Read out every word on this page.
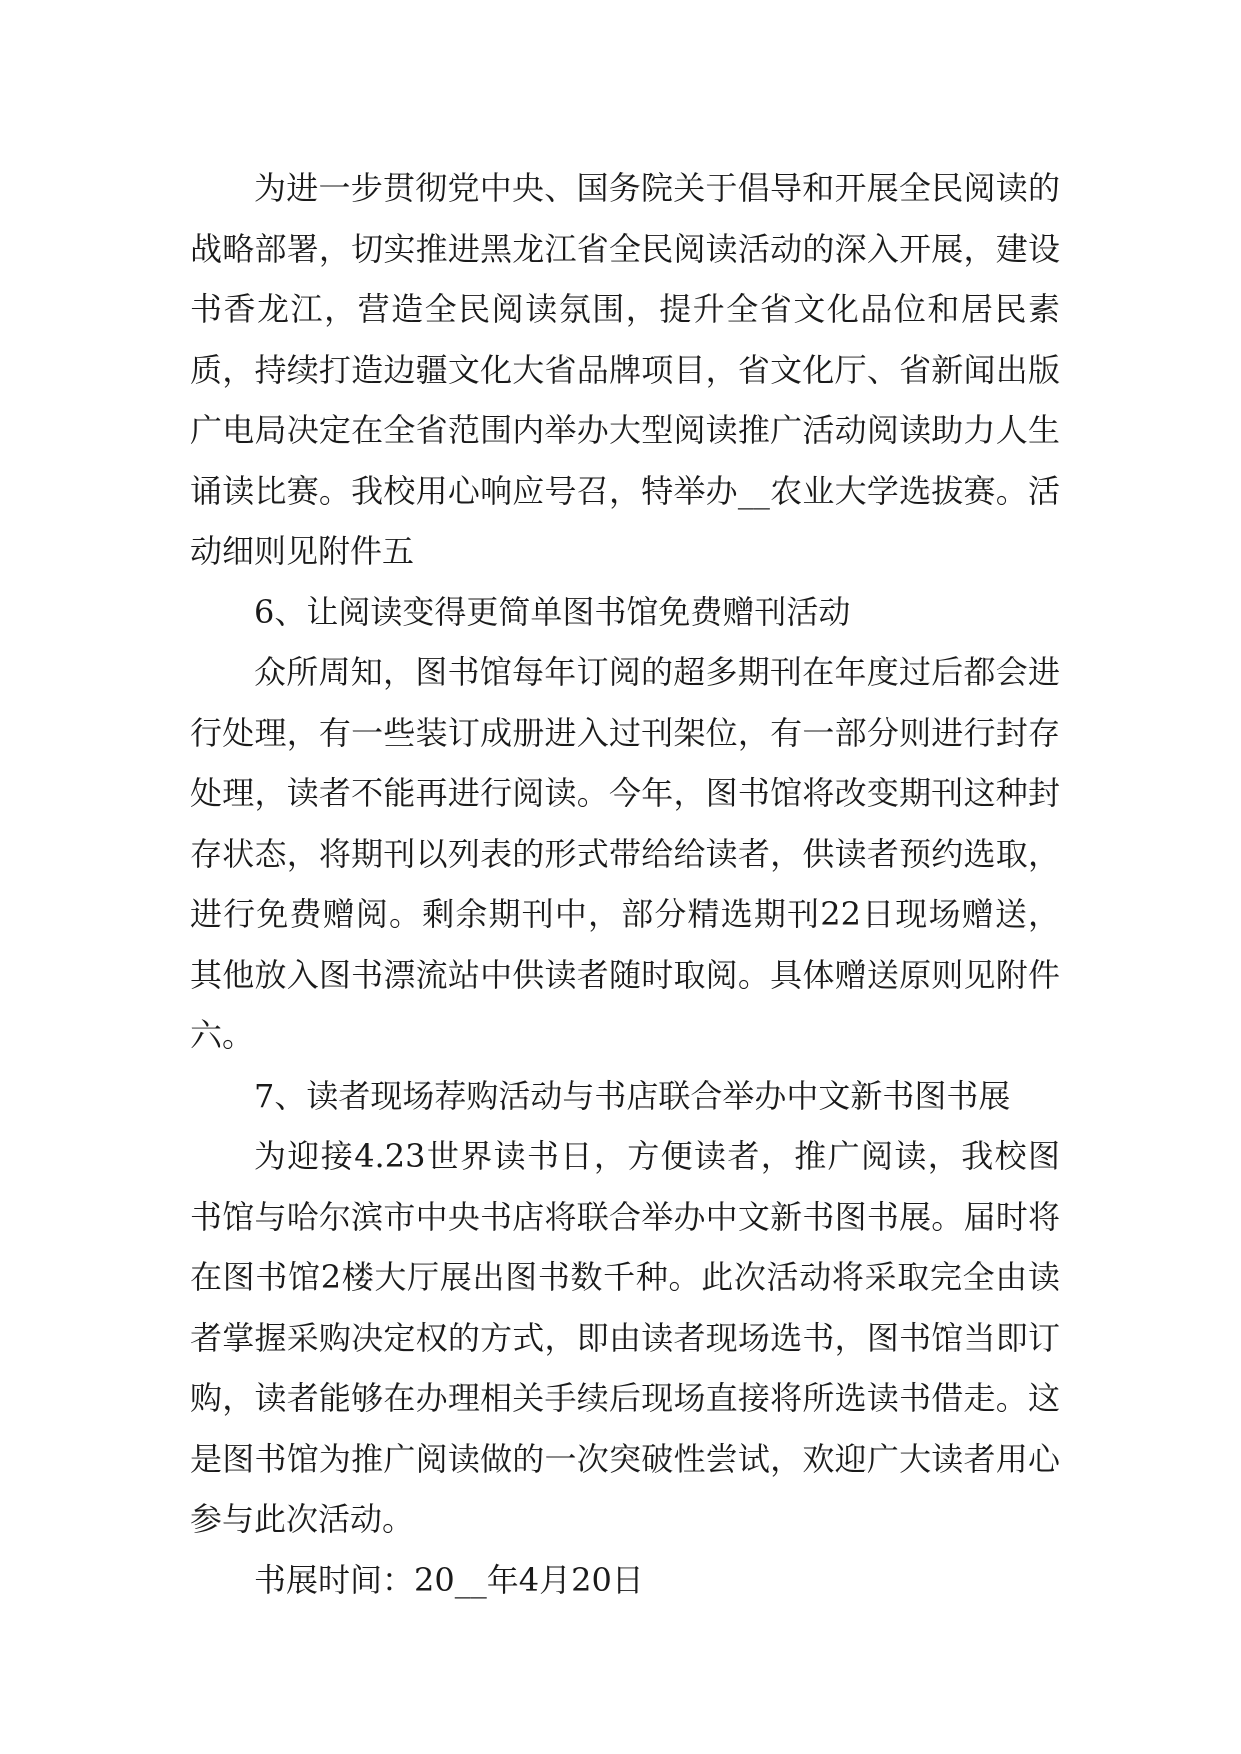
为进一步贯彻党中央、国务院关于倡导和开展全民阅读的战略部署，切实推进黑龙江省全民阅读活动的深入开展，建设书香龙江，营造全民阅读氛围，提升全省文化品位和居民素质，持续打造边疆文化大省品牌项目，省文化厅、省新闻出版广电局决定在全省范围内举办大型阅读推广活动阅读助力人生诵读比赛。我校用心响应号召，特举办__农业大学选拔赛。活动细则见附件五

6、让阅读变得更简单图书馆免费赠刊活动

众所周知，图书馆每年订阅的超多期刊在年度过后都会进行处理，有一些装订成册进入过刊架位，有一部分则进行封存处理，读者不能再进行阅读。今年，图书馆将改变期刊这种封存状态，将期刊以列表的形式带给给读者，供读者预约选取，进行免费赠阅。剩余期刊中，部分精选期刊22日现场赠送，其他放入图书漂流站中供读者随时取阅。具体赠送原则见附件六。

7、读者现场荐购活动与书店联合举办中文新书图书展

为迎接4.23世界读书日，方便读者，推广阅读，我校图书馆与哈尔滨市中央书店将联合举办中文新书图书展。届时将在图书馆2楼大厅展出图书数千种。此次活动将采取完全由读者掌握采购决定权的方式，即由读者现场选书，图书馆当即订购，读者能够在办理相关手续后现场直接将所选读书借走。这是图书馆为推广阅读做的一次突破性尝试，欢迎广大读者用心参与此次活动。

书展时间：20__年4月20日
